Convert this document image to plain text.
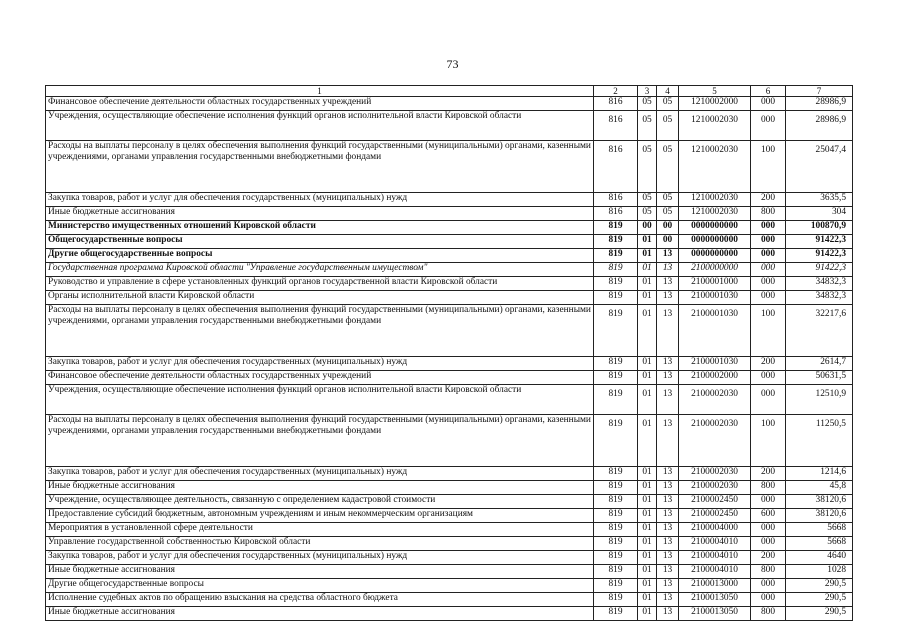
73
1	2	3	4	5	6	7
Финансовое обеспечение деятельности областных государственных учреждений	816	05	05	1210002000	000	28986,9
Учреждения, осуществляющие обеспечение исполнения функций органов исполнительной власти Кировской области	816	05	05	1210002030	000	28986,9
Расходы на выплаты персоналу в целях обеспечения выполнения функций государственными (муниципальными) органами, казенными учреждениями, органами управления государственными внебюджетными фондами	816	05	05	1210002030	100	25047,4
Закупка товаров, работ и услуг для обеспечения государственных (муниципальных) нужд	816	05	05	1210002030	200	3635,5
Иные бюджетные ассигнования	816	05	05	1210002030	800	304
Министерство имущественных отношений Кировской области	819	00	00	0000000000	000	100870,9
Общегосударственные вопросы	819	01	00	0000000000	000	91422,3
Другие общегосударственные вопросы	819	01	13	0000000000	000	91422,3
Государственная программа Кировской области "Управление государственным имуществом"	819	01	13	2100000000	000	91422,3
Руководство и управление в сфере установленных функций органов государственной власти Кировской области	819	01	13	2100001000	000	34832,3
Органы исполнительной власти Кировской области	819	01	13	2100001030	000	34832,3
Расходы на выплаты персоналу в целях обеспечения выполнения функций государственными (муниципальными) органами, казенными учреждениями, органами управления государственными внебюджетными фондами	819	01	13	2100001030	100	32217,6
Закупка товаров, работ и услуг для обеспечения государственных (муниципальных) нужд	819	01	13	2100001030	200	2614,7
Финансовое обеспечение деятельности областных государственных учреждений	819	01	13	2100002000	000	50631,5
Учреждения, осуществляющие обеспечение исполнения функций органов исполнительной власти Кировской области	819	01	13	2100002030	000	12510,9
Расходы на выплаты персоналу в целях обеспечения выполнения функций государственными (муниципальными) органами, казенными учреждениями, органами управления государственными внебюджетными фондами	819	01	13	2100002030	100	11250,5
Закупка товаров, работ и услуг для обеспечения государственных (муниципальных) нужд	819	01	13	2100002030	200	1214,6
Иные бюджетные ассигнования	819	01	13	2100002030	800	45,8
Учреждение, осуществляющее деятельность, связанную с определением кадастровой стоимости	819	01	13	2100002450	000	38120,6
Предоставление субсидий бюджетным, автономным учреждениям и иным некоммерческим организациям	819	01	13	2100002450	600	38120,6
Мероприятия в установленной сфере деятельности	819	01	13	2100004000	000	5668
Управление государственной собственностью Кировской области	819	01	13	2100004010	000	5668
Закупка товаров, работ и услуг для обеспечения государственных (муниципальных) нужд	819	01	13	2100004010	200	4640
Иные бюджетные ассигнования	819	01	13	2100004010	800	1028
Другие общегосударственные вопросы	819	01	13	2100013000	000	290,5
Исполнение судебных актов по обращению взыскания на средства областного бюджета	819	01	13	2100013050	000	290,5
Иные бюджетные ассигнования	819	01	13	2100013050	800	290,5
